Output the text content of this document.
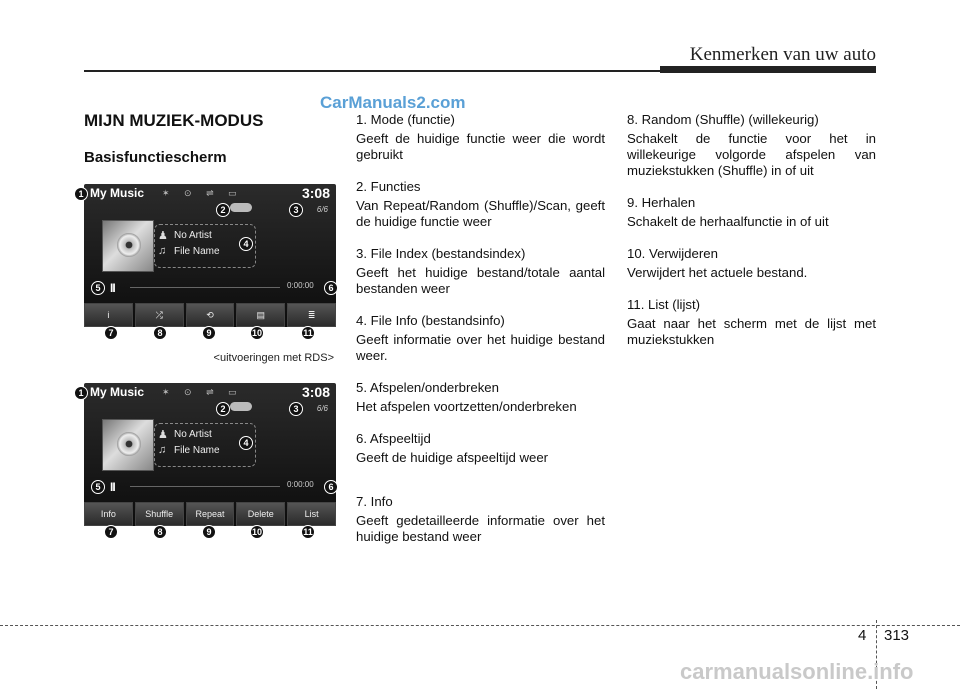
Kenmerken van uw auto
CarManuals2.com
MIJN MUZIEK-MODUS
Basisfunctiescherm
My Music ✶ ⊙ ⇌ ▭	3:08
6/6
♟ No Artist
♫ File Name
II	0:00:00
i	⤮	⟲	▤	≣
1
2	3
4
5	6
7	8	9	10	11
<uitvoeringen met RDS>
My Music ✶ ⊙ ⇌ ▭	3:08
6/6
♟ No Artist
♫ File Name
II	0:00:00
Info	Shuffle	Repeat	Delete	List
1
2	3
4
5	6
7	8	9	10	11
1. Mode (functie)
Geeft de huidige functie weer die wordt gebruikt
2. Functies
Van Repeat/Random (Shuffle)/Scan, geeft de huidige functie weer
3. File Index (bestandsindex)
Geeft het huidige bestand/totale aantal bestanden weer
4. File Info (bestandsinfo)
Geeft informatie over het huidige bestand weer.
5. Afspelen/onderbreken
Het afspelen voortzetten/onderbreken
6. Afspeeltijd
Geeft de huidige afspeeltijd weer
7. Info
Geeft gedetailleerde informatie over het huidige bestand weer
8. Random (Shuffle) (willekeurig)
Schakelt de functie voor het in willekeurige volgorde afspelen van muziekstukken (Shuffle) in of uit
9. Herhalen
Schakelt de herhaalfunctie in of uit
10. Verwijderen
Verwijdert het actuele bestand.
11. List (lijst)
Gaat naar het scherm met de lijst met muziekstukken
4 313
carmanualsonline.info
